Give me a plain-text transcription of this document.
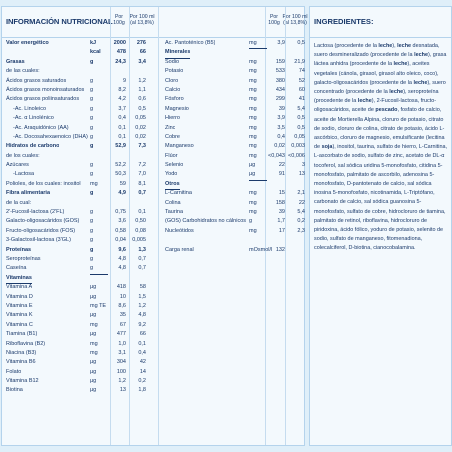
INFORMACIÓN NUTRICIONAL Por
100g
Por 100 ml
(al 13,8%)
Por
100g
Por 100 ml
(al 13,8%)
Valor energético	kJ	2000	276
kcal	478	66
Grasas	g	24,3	3,4
de las cuales:
Ácidos grasos saturados	g	9	1,2
Ácidos grasos monoinsaturados g	8,2	1,1
Ácidos grasos poliinsaturados g	4,2	0,6
-Ac. Linoleico	g	3,7	0,5
-Ac. α Linolénico	g	0,4	0,05
-Ac. Araquidónico (AA)	g	0,1	0,02
-Ac. Docosahexaenoico (DHA) g	0,1	0,02
Hidratos de carbono	g	52,9	7,3
de los cuales:
Azúcares	g	52,2	7,2
-Lactosa	g	50,3	7,0
Polioles, de los cuales: inositol mg	59	8,1
Fibra alimentaria	g	4,9	0,7
de la cual:
2'-Fucosil-lactosa (2'FL)	g	0,75	0,1
Galacto-oligosacáridos (GOS) g	3,6	0,50
Fructo-oligosacáridos (FOS)	g	0,58	0,08
3-Galactosil-lactosa (3'GL)	g	0,04	0,005
Proteínas	g	9,6	1,3
Seroproteínas	g	4,8	0,7
Caseína	g	4,8	0,7
Vitaminas
Vitamina A	µg	418	58
Vitamina D	µg	10	1,5
Vitamina E	mg TE	8,6	1,2
Vitamina K	µg	35	4,8
Vitamina C	mg	67	9,2
Tiamina (B1)	µg	477	66
Riboflavina (B2)	mg	1,0	0,1
Niacina (B3)	mg	3,1	0,4
Vitamina B6	µg	304	42
Folato	µg	100	14
Vitamina B12	µg	1,2	0,2
Biotina	µg	13	1,8
Ac. Pantoténico (B5)	mg	3,9	0,5
Minerales
Sodio	mg	159	21,9
Potasio	mg	533	74
Cloro	mg	380	52
Calcio	mg	434	60
Fósforo	mg	299	41
Magnesio	mg	39	5,4
Hierro	mg	3,9	0,5
Zinc	mg	3,5	0,5
Cobre	mg	0,4	0,05
Manganeso	mg	0,02	0,003
Flúor	mg	<0,043 <0,006
Selenio	µg	22	3
Yodo	µg	91	13
Otros
L-Carnitina	mg	15	2,1
Colina	mg	158	22
Taurina	mg	39	5,4
(GOS) Carbohidratos no cálnicos g	1,7	0,2
Nucleótidos	mg	17	2,3
Carga renal	mOsmol/l 132
INGREDIENTES:
Lactosa (procedente de la leche), leche desnatada, suero desmineralizado (procedente de la leche), grasa láctea anhidra (procedente de la leche), aceites vegetales (cánola, girasol, girasol alto oleico, coco), galacto-oligosacáridos (procedente de la leche), suero concentrado (procedente de la leche), seroproteína (procedente de la leche), 2-Fucosil-lactosa, fructo-oligosacáridos, aceite de pescado, fosfato de calcio, aceite de Mortierella Alpina, cloruro de potasio, citrato de sodio, cloruro de colina, citrato de potasio, ácido L-ascórbico, cloruro de magnesio, emulsificante (lecitina de soja), inositol, taurina, sulfato de hierro, L-Carnitina, L-ascorbato de sodio, sulfato de zinc, acetato de DL-α tocoferol, sal sódica uridina 5-monofosfato, citidina 5-monofosfato, palmitato de ascorbilo, adenosina 5-monofosfato, D-pantotenato de calcio, sal sódica inosina 5-monofosfato, nicotinamida, L-Triptófano, carbonato de calcio, sal sódica guanosina 5-monofosfato, sulfato de cobre, hidrocloruro de tiamina, palmitato de retinol, riboflavina, hidrocloruro de piridoxina, ácido fólico, yoduro de potasio, selenito de sodio, sulfato de manganeso, fitomenadiona, colecalciferol, D-biotina, cianocobalamina.
